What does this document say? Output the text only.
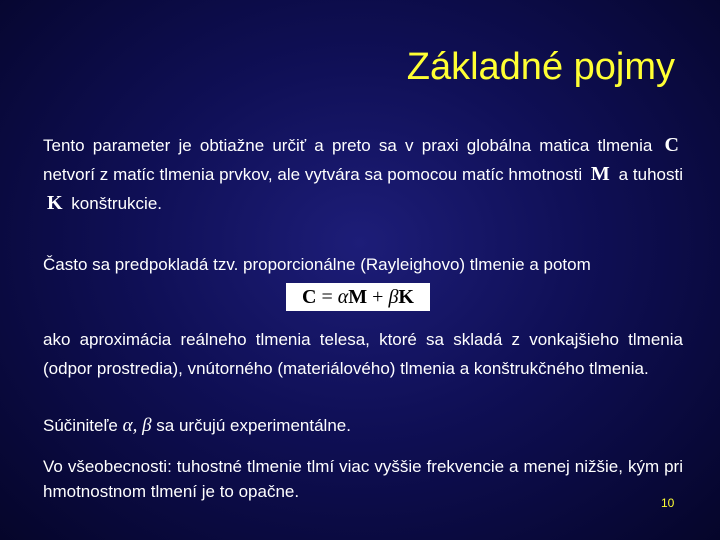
Základné pojmy
Tento parameter je obtiažne určiť a preto sa v praxi globálna matica tlmenia C netvorí z matíc tlmenia prvkov, ale vytvára sa pomocou matíc hmotnosti M a tuhosti K konštrukcie.
Často sa predpokladá tzv. proporcionálne (Rayleighovo) tlmenie a potom
C = αM + βK
ako aproximácia reálneho tlmenia telesa, ktoré sa skladá z vonkajšieho tlmenia (odpor prostredia), vnútorného (materiálového) tlmenia a konštrukčného tlmenia.
Súčiniteľe α, β sa určujú experimentálne.
Vo všeobecnosti: tuhostné tlmenie tlmí viac vyššie frekvencie a menej nižšie, kým pri hmotnostnom tlmení je to opačne.
10
